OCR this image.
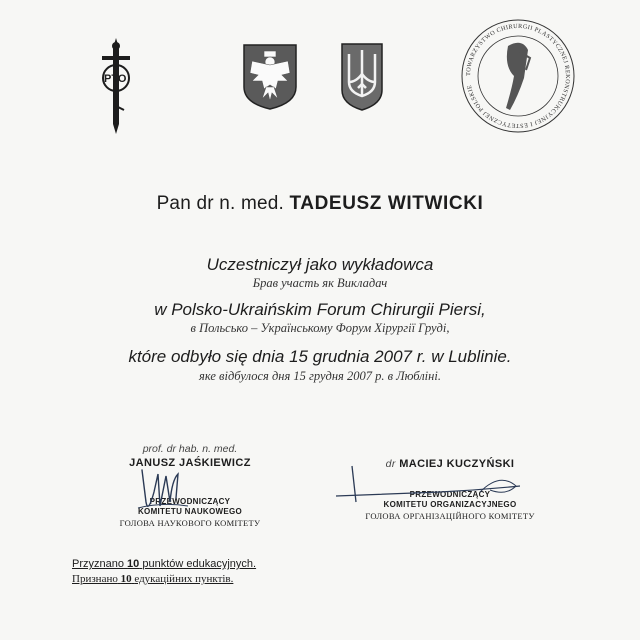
PTO	TOWARZYSTWO CHIRURGII PLASTYCZNEJ REKONSTRUKCYJNEJ I ESTETYCZNEJ POLSKIE
Pan dr n. med. TADEUSZ WITWICKI
Uczestniczył jako wykładowca
Брав участь як Викладач
w Polsko-Ukraińskim Forum Chirurgii Piersi,
в Польсько – Українському Форум Хірургії Груді,
które odbyło się dnia 15 grudnia 2007 r. w Lublinie.
яке відбулося дня 15 грудня 2007 р. в Любліні.
prof. dr hab. n. med.
JANUSZ JAŚKIEWICZ
PRZEWODNICZĄCY
KOMITETU NAUKOWEGO
ГОЛОВА НАУКОВОГО КОМІТЕТУ
dr MACIEJ KUCZYŃSKI
PRZEWODNICZĄCY
KOMITETU ORGANIZACYJNEGO
ГОЛОВА ОРГАНІЗАЦІЙНОГО КОМІТЕТУ
Przyznano 10 punktów edukacyjnych.
Признано 10 едукаційних пунктів.
